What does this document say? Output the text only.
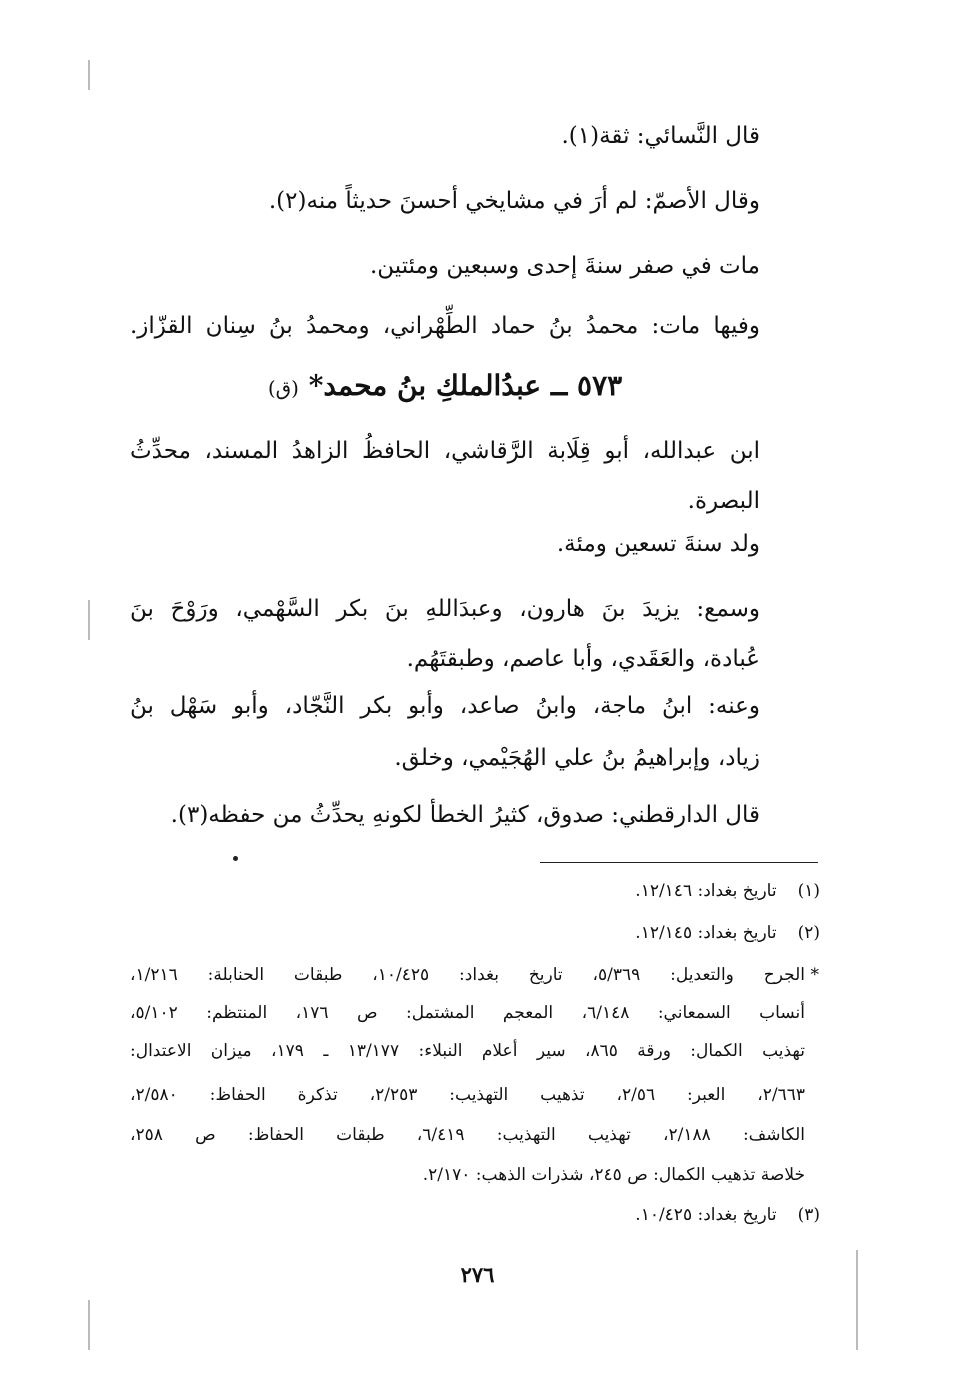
قال النَّسائي: ثقة(١).
وقال الأصمّ: لم أرَ في مشايخي أحسنَ حديثاً منه(٢).
مات في صفر سنةَ إحدى وسبعين ومئتين.
وفيها مات: محمدُ بنُ حماد الطِّهْراني، ومحمدُ بنُ سِنان القزّاز.
٥٧٣ ــ عبدُالملكِ بنُ محمد* (ق)
ابن عبدالله، أبو قِلَابة الرَّقاشي، الحافظُ الزاهدُ المسند، محدِّثُ
البصرة.
ولد سنةَ تسعين ومئة.
وسمع: يزيدَ بنَ هارون، وعبدَاللهِ بنَ بكر السَّهْمي، ورَوْحَ بنَ
عُبادة، والعَقَدي، وأبا عاصم، وطبقتَهُم.
وعنه: ابنُ ماجة، وابنُ صاعد، وأبو بكر النَّجّاد، وأبو سَهْل بنُ
زياد، وإبراهيمُ بنُ علي الهُجَيْمي، وخلق.
قال الدارقطني: صدوق، كثيرُ الخطأ لكونهِ يحدِّثُ من حفظه(٣).
(١) تاريخ بغداد: ١٢/١٤٦.
(٢) تاريخ بغداد: ١٢/١٤٥.
*
الجرح والتعديل: ٥/٣٦٩، تاريخ بغداد: ١٠/٤٢٥، طبقات الحنابلة: ١/٢١٦،
أنساب السمعاني: ٦/١٤٨، المعجم المشتمل: ص ١٧٦، المنتظم: ٥/١٠٢،
تهذيب الكمال: ورقة ٨٦٥، سير أعلام النبلاء: ١٣/١٧٧ ـ ١٧٩، ميزان الاعتدال:
٢/٦٦٣، العبر: ٢/٥٦، تذهيب التهذيب: ٢/٢٥٣، تذكرة الحفاظ: ٢/٥٨٠،
الكاشف: ٢/١٨٨، تهذيب التهذيب: ٦/٤١٩، طبقات الحفاظ: ص ٢٥٨،
خلاصة تذهيب الكمال: ص ٢٤٥، شذرات الذهب: ٢/١٧٠.
(٣) تاريخ بغداد: ١٠/٤٢٥.
٢٧٦
